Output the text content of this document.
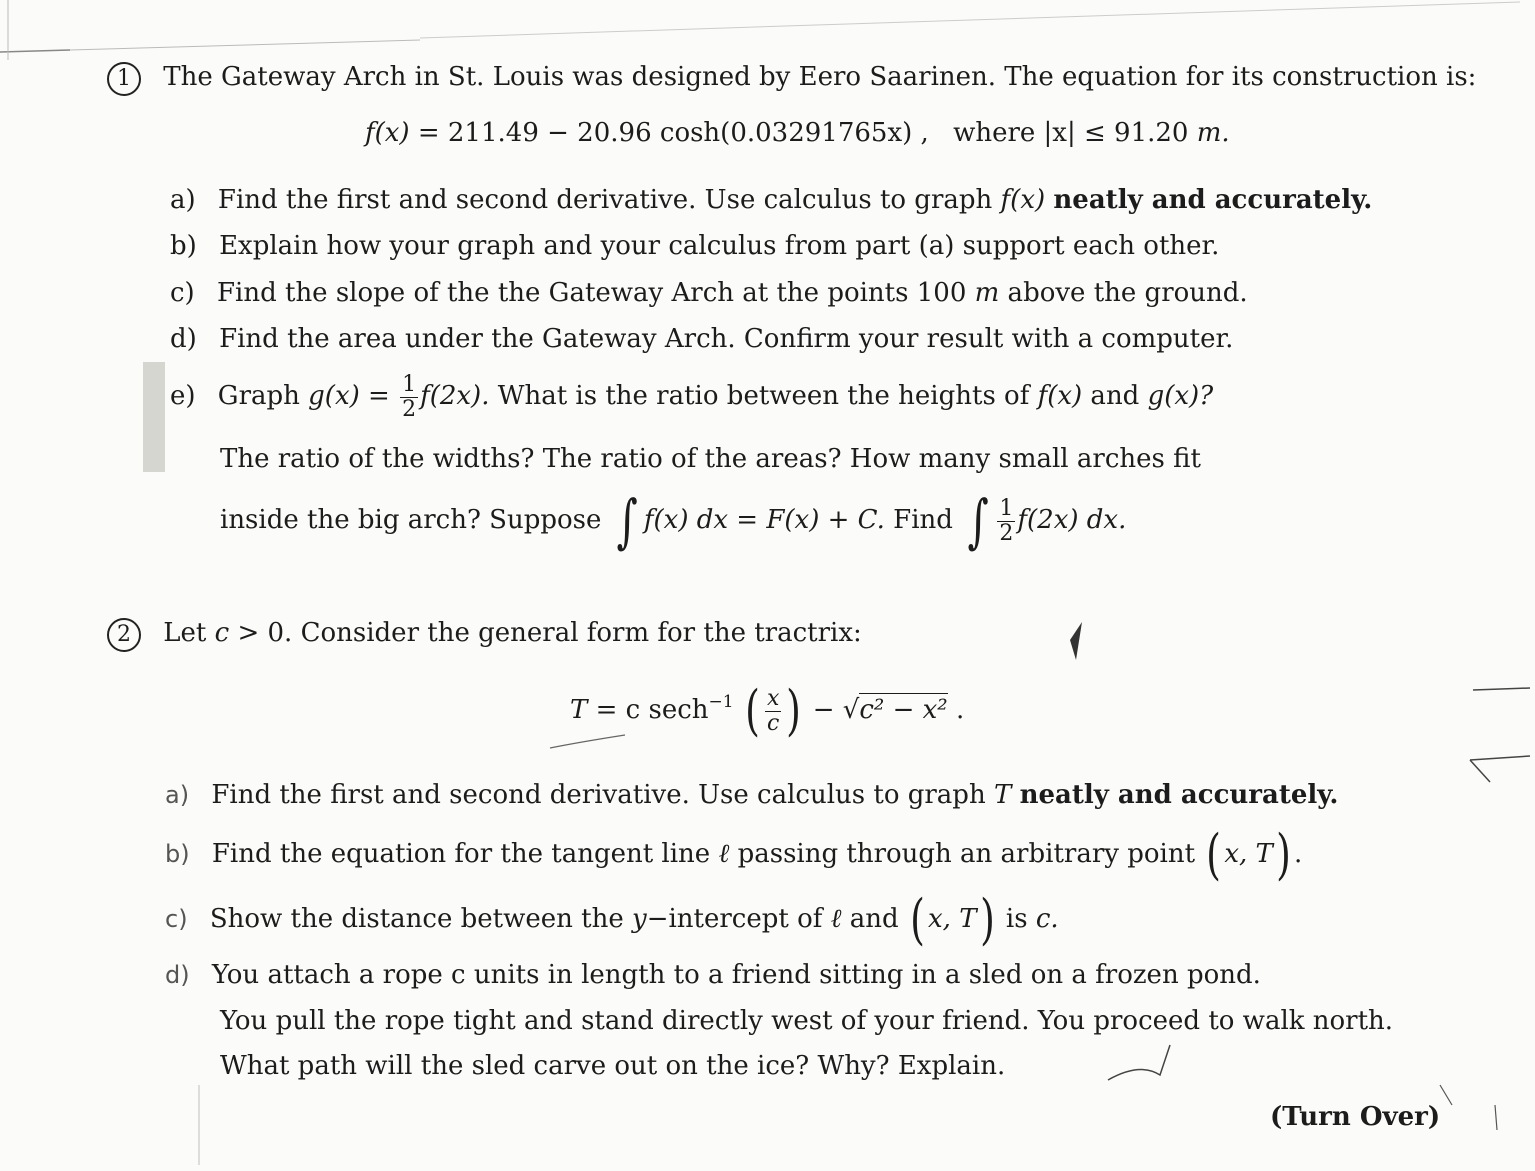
1 The Gateway Arch in St. Louis was designed by Eero Saarinen. The equation for its construction is:
f(x) = 211.49 − 20.96 cosh(0.03291765x) , where |x| ≤ 91.20 m.
a) Find the first and second derivative. Use calculus to graph f(x) neatly and accurately.
b) Explain how your graph and your calculus from part (a) support each other.
c) Find the slope of the the Gateway Arch at the points 100 m above the ground.
d) Find the area under the Gateway Arch. Confirm your result with a computer.
e) Graph $g(x) = \frac{1}{2} f(2x)$. What is the ratio between the heights of f(x) and g(x)?
The ratio of the widths? The ratio of the areas? How many small arches fit
inside the big arch? Suppose ∫ f(x) dx = F(x) + C. Find ∫ $\frac{1}{2} f(2x)$ dx.
2 Let c > 0. Consider the general form for the tractrix:
T = c sech$^{-1}$ ( $\frac{x}{c}$ ) − √c² − x² .
a) Find the first and second derivative. Use calculus to graph T neatly and accurately.
b) Find the equation for the tangent line ℓ passing through an arbitrary point ( x, T) .
c) Show the distance between the y−intercept of ℓ and ( x, T) is c.
d) You attach a rope c units in length to a friend sitting in a sled on a frozen pond.
You pull the rope tight and stand directly west of your friend. You proceed to walk north.
What path will the sled carve out on the ice? Why? Explain.
(Turn Over)
